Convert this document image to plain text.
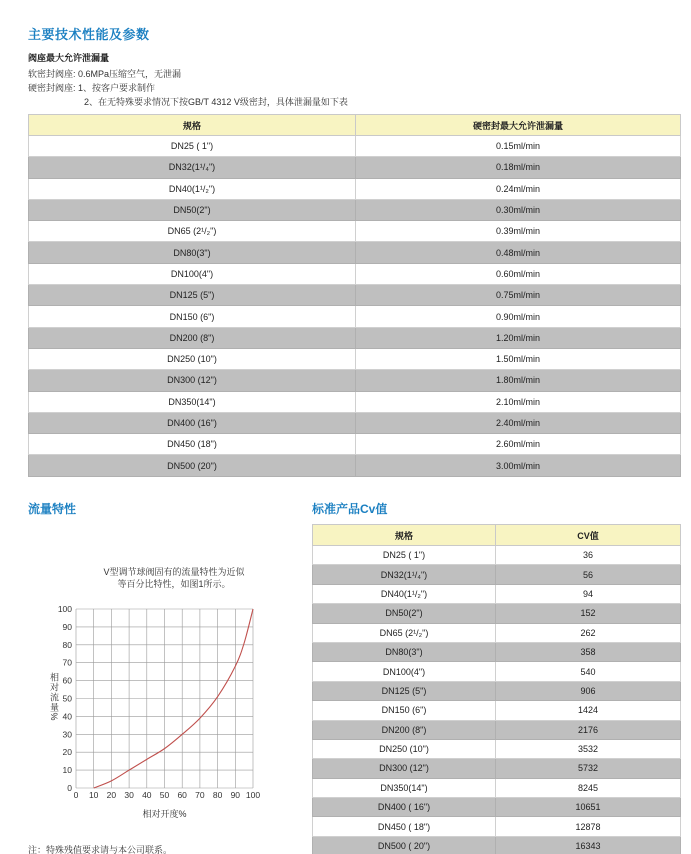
主要技术性能及参数
阀座最大允许泄漏量
软密封阀座: 0.6MPa压缩空气，无泄漏
硬密封阀座: 1、按客户要求制作
2、在无特殊要求情况下按GB/T 4312 V级密封，具体泄漏量如下表
规格	硬密封最大允许泄漏量
DN25 ( 1")	0.15ml/min
DN32(1¹/₄")	0.18ml/min
DN40(1¹/₂")	0.24ml/min
DN50(2")	0.30ml/min
DN65 (2¹/₂")	0.39ml/min
DN80(3")	0.48ml/min
DN100(4")	0.60ml/min
DN125 (5")	0.75ml/min
DN150 (6")	0.90ml/min
DN200 (8")	1.20ml/min
DN250 (10")	1.50ml/min
DN300 (12")	1.80ml/min
DN350(14")	2.10ml/min
DN400 (16")	2.40ml/min
DN450 (18")	2.60ml/min
DN500 (20")	3.00ml/min
流量特性
V型调节球阀固有的流量特性为近似
等百分比特性，如图1所示。
0 10 20 30 40 50 60 70 80 90 100
0
10
20
30
40
50
60
70
80
90
100
相对开度%
相对流量%
注：特殊残值要求请与本公司联系。
标准产品Cv值
规格	CV值
DN25 ( 1")	36
DN32(1¹/₄")	56
DN40(1¹/₂")	94
DN50(2")	152
DN65 (2¹/₂")	262
DN80(3")	358
DN100(4")	540
DN125 (5")	906
DN150 (6")	1424
DN200 (8")	2176
DN250 (10")	3532
DN300 (12")	5732
DN350(14")	8245
DN400 ( 16")	10651
DN450 ( 18")	12878
DN500 ( 20")	16343
